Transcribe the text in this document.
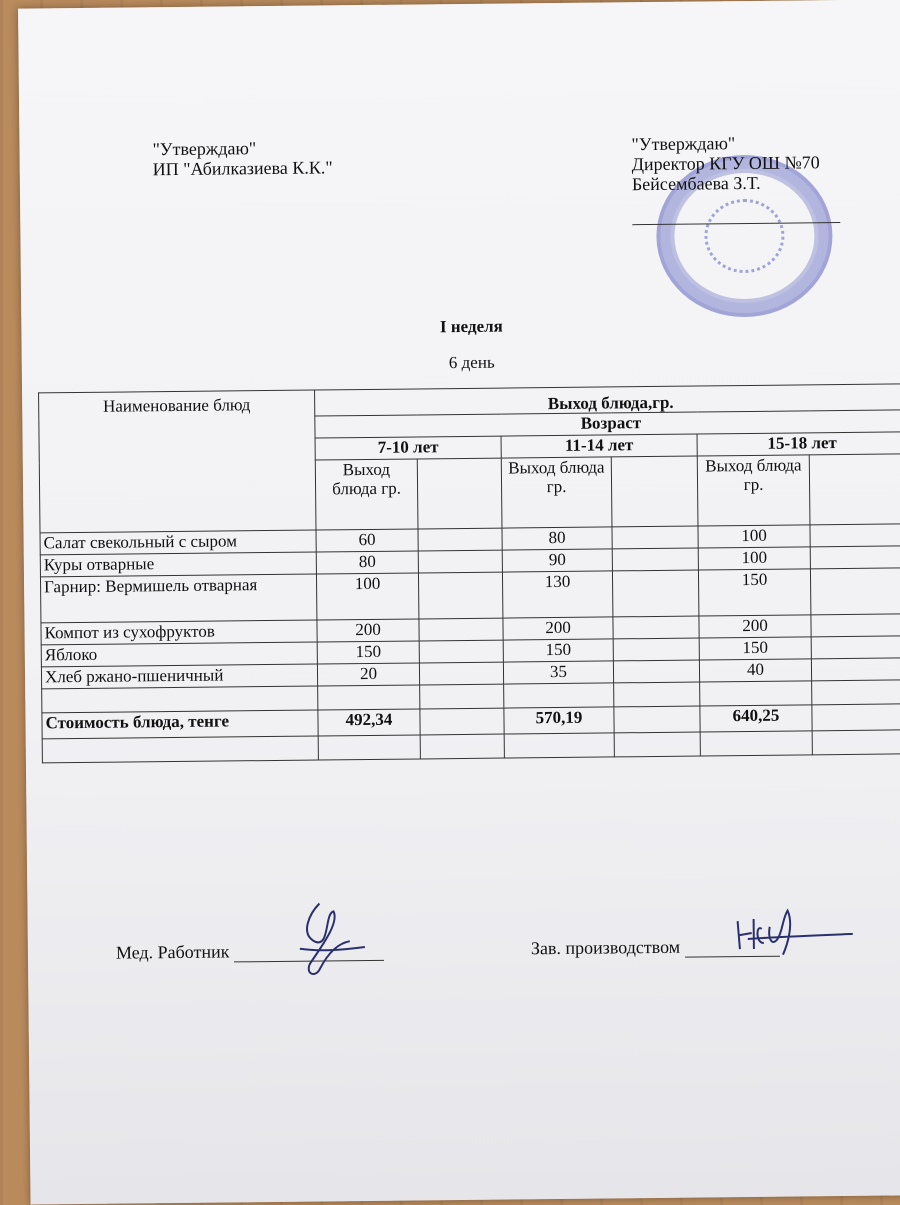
"Утверждаю"
ИП "Абилказиева К.К."
"Утверждаю"
Директор КГУ ОШ №70
Бейсембаева З.Т.
I неделя
6 день
Наименование блюд	Выход блюда,гр.					
	Возраст					
	7-10 лет		11-14 лет		15-18 лет	
	Выход блюда гр.		Выход блюда гр.		Выход блюда гр.	
Салат свекольный с сыром	60		80		100	
Куры отварные	80		90		100	
Гарнир: Вермишель отварная	100		130		150	
Компот из сухофруктов	200		200		200	
Яблоко	150		150		150	
Хлеб ржано-пшеничный	20		35		40	

Стоимость блюда, тенге	492,34		570,19		640,25	

Мед. Работник	Зав. производством
